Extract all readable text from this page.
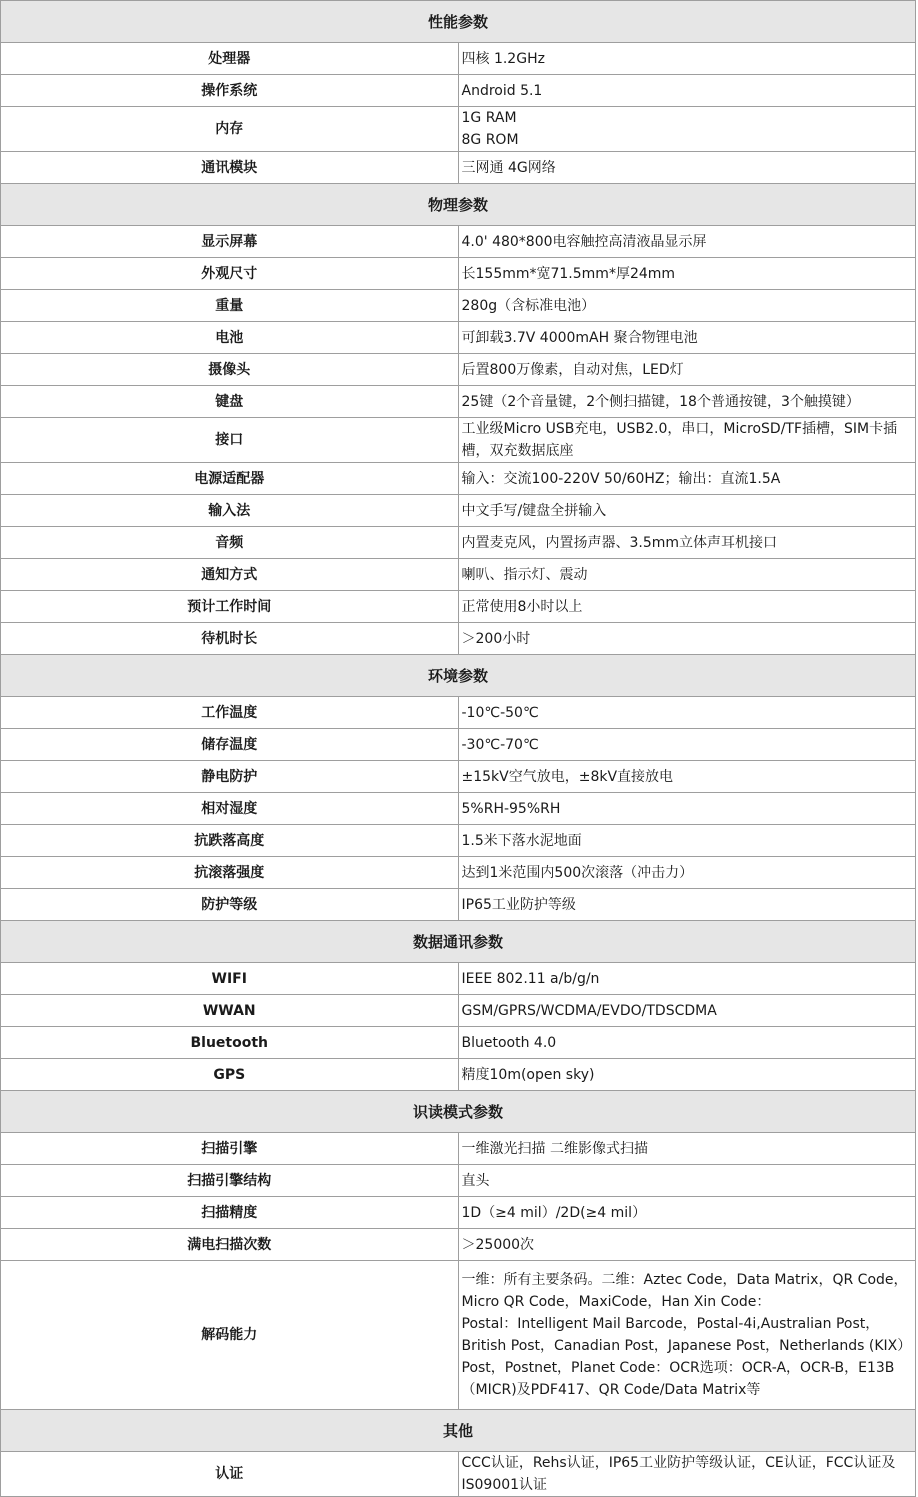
性能参数	
处理器	四核 1.2GHz
操作系统	Android 5.1
内存	1G RAM
8G ROM
通讯模块	三网通 4G网络
物理参数	
显示屏幕	4.0' 480*800电容触控高清液晶显示屏
外观尺寸	长155mm*宽71.5mm*厚24mm
重量	280g（含标准电池）
电池	可卸载3.7V 4000mAH 聚合物锂电池
摄像头	后置800万像素，自动对焦，LED灯
键盘	25键（2个音量键，2个侧扫描键，18个普通按键，3个触摸键）
接口	工业级Micro USB充电，USB2.0，串口，MicroSD/TF插槽，SIM卡插槽，双充数据底座
电源适配器	输入：交流100-220V 50/60HZ；输出：直流1.5A
输入法	中文手写/键盘全拼输入
音频	内置麦克风，内置扬声器、3.5mm立体声耳机接口
通知方式	喇叭、指示灯、震动
预计工作时间	正常使用8小时以上
待机时长	＞200小时
环境参数	
工作温度	-10℃-50℃
储存温度	-30℃-70℃
静电防护	±15kV空气放电，±8kV直接放电
相对湿度	5%RH-95%RH
抗跌落高度	1.5米下落水泥地面
抗滚落强度	达到1米范围内500次滚落（冲击力）
防护等级	IP65工业防护等级
数据通讯参数	
WIFI	IEEE 802.11 a/b/g/n
WWAN	GSM/GPRS/WCDMA/EVDO/TDSCDMA
Bluetooth	Bluetooth 4.0
GPS	精度10m(open sky)
识读模式参数	
扫描引擎	一维激光扫描 二维影像式扫描
扫描引擎结构	直头
扫描精度	1D（≥4 mil）/2D(≥4 mil）
满电扫描次数	＞25000次
解码能力	一维：所有主要条码。二维：Aztec Code，Data Matrix，QR Code，Micro QR Code，MaxiCode，Han Xin Code：
Postal：Intelligent Mail Barcode，Postal-4i,Australian Post，British Post，Canadian Post，Japanese Post，Netherlands (KIX）Post，Postnet，Planet Code：OCR选项：OCR-A，OCR-B，E13B（MICR)及PDF417、QR Code/Data Matrix等
其他	
认证	CCC认证，Rehs认证，IP65工业防护等级认证，CE认证，FCC认证及IS09001认证
